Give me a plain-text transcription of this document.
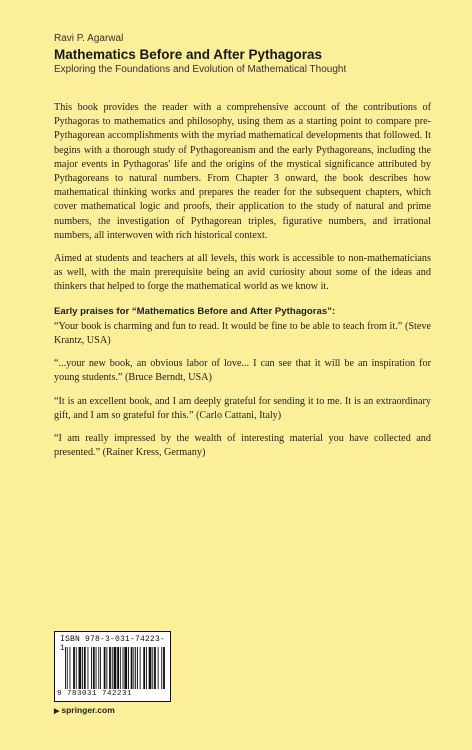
Ravi P. Agarwal
Mathematics Before and After Pythagoras
Exploring the Foundations and Evolution of Mathematical Thought

This book provides the reader with a comprehensive account of the contributions of Pythagoras to mathematics and philosophy, using them as a starting point to compare pre-Pythagorean accomplishments with the myriad mathematical developments that followed. It begins with a thorough study of Pythagoreanism and the early Pythagoreans, including the major events in Pythagoras' life and the origins of the mystical significance attributed by Pythagoreans to natural numbers. From Chapter 3 onward, the book describes how mathematical thinking works and prepares the reader for the subsequent chapters, which cover mathematical logic and proofs, their application to the study of natural and prime numbers, the investigation of Pythagorean triples, figurative numbers, and irrational numbers, all interwoven with rich historical context.

Aimed at students and teachers at all levels, this work is accessible to non-mathematicians as well, with the main prerequisite being an avid curiosity about some of the ideas and thinkers that helped to forge the mathematical world as we know it.

Early praises for “Mathematics Before and After Pythagoras”:

“Your book is charming and fun to read. It would be fine to be able to teach from it.” (Steve Krantz, USA)

“...your new book, an obvious labor of love... I can see that it will be an inspiration for young students.” (Bruce Berndt, USA)

“It is an excellent book, and I am deeply grateful for sending it to me. It is an extraordinary gift, and I am so grateful for this.” (Carlo Cattani, Italy)

“I am really impressed by the wealth of interesting material you have collected and presented.” (Rainer Kress, Germany)

ISBN 978-3-031-74223-1
9 783031 742231
▶ springer.com
